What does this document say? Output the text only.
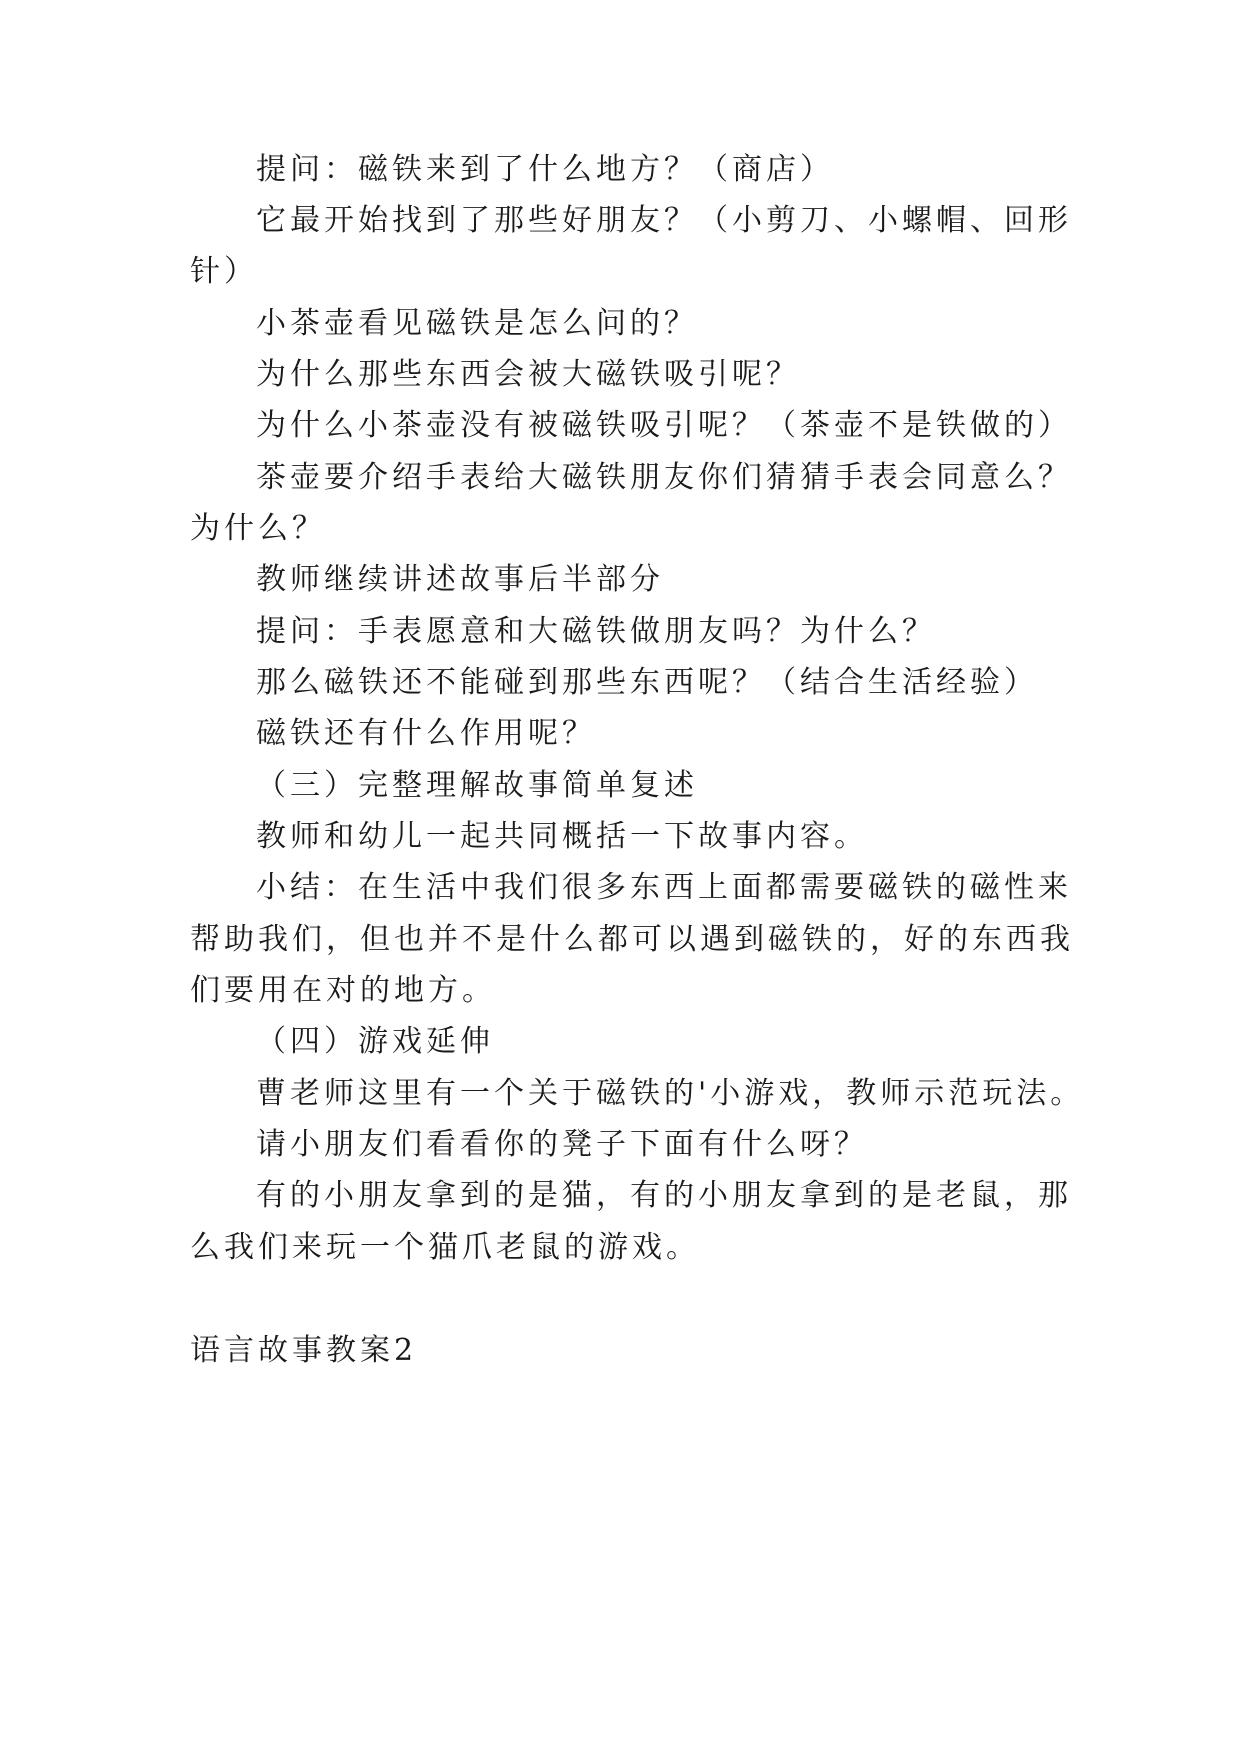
提问：磁铁来到了什么地方？（商店）
它最开始找到了那些好朋友？（小剪刀、小螺帽、回形
针）
小茶壶看见磁铁是怎么问的？
为什么那些东西会被大磁铁吸引呢？
为什么小茶壶没有被磁铁吸引呢？（茶壶不是铁做的）
茶壶要介绍手表给大磁铁朋友你们猜猜手表会同意么？
为什么？
教师继续讲述故事后半部分
提问：手表愿意和大磁铁做朋友吗？为什么？
那么磁铁还不能碰到那些东西呢？（结合生活经验）
磁铁还有什么作用呢？
（三）完整理解故事简单复述
教师和幼儿一起共同概括一下故事内容。
小结：在生活中我们很多东西上面都需要磁铁的磁性来
帮助我们，但也并不是什么都可以遇到磁铁的，好的东西我
们要用在对的地方。
（四）游戏延伸
曹老师这里有一个关于磁铁的'小游戏，教师示范玩法。
请小朋友们看看你的凳子下面有什么呀？
有的小朋友拿到的是猫，有的小朋友拿到的是老鼠，那
么我们来玩一个猫爪老鼠的游戏。
语言故事教案2
